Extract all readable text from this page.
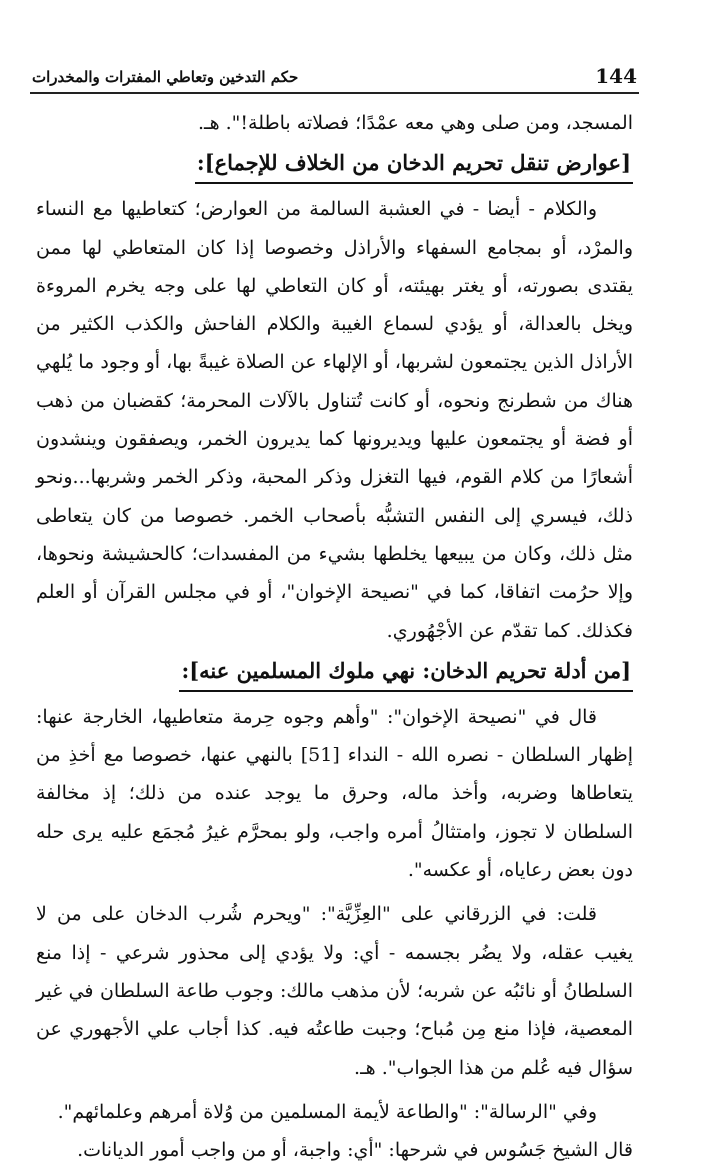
حكم التدخين وتعاطي المفترات والمخدرات	144

المسجد، ومن صلى وهي معه عمْدًا؛ فصلاته باطلة!". هـ.

[عوارض تنقل تحريم الدخان من الخلاف للإجماع]:

والكلام - أيضا - في العشبة السالمة من العوارض؛ كتعاطيها مع النساء والمرْد، أو بمجامع السفهاء والأراذل وخصوصا إذا كان المتعاطي لها ممن يقتدى بصورته، أو يغتر بهيئته، أو كان التعاطي لها على وجه يخرم المروءة ويخل بالعدالة، أو يؤدي لسماع الغيبة والكلام الفاحش والكذب الكثير من الأراذل الذين يجتمعون لشربها، أو الإلهاء عن الصلاة غيبةً بها، أو وجود ما يُلهي هناك من شطرنج ونحوه، أو كانت تُتناول بالآلات المحرمة؛ كقضبان من ذهب أو فضة أو يجتمعون عليها ويديرونها كما يديرون الخمر، ويصفقون وينشدون أشعارًا من كلام القوم، فيها التغزل وذكر المحبة، وذكر الخمر وشربها...ونحو ذلك، فيسري إلى النفس التشبُّه بأصحاب الخمر. خصوصا من كان يتعاطى مثل ذلك، وكان من يبيعها يخلطها بشيء من المفسدات؛ كالحشيشة ونحوها، وإلا حرُمت اتفاقا، كما في "نصيحة الإخوان"، أو في مجلس القرآن أو العلم فكذلك. كما تقدّم عن الأجْهُوري.

[من أدلة تحريم الدخان: نهي ملوك المسلمين عنه]:

قال في "نصيحة الإخوان": "وأهم وجوه حِرمة متعاطيها، الخارجة عنها: إظهار السلطان - نصره الله - النداء [51] بالنهي عنها، خصوصا مع أخذِ من يتعاطاها وضربه، وأخذ ماله، وحرق ما يوجد عنده من ذلك؛ إذ مخالفة السلطان لا تجوز، وامتثالُ أمره واجب، ولو بمحرَّم غيرُ مُجمَع عليه يرى حله دون بعض رعاياه، أو عكسه".

قلت: في الزرقاني على "العِزِّيَّة": "ويحرم شُرب الدخان على من لا يغيب عقله، ولا يضُر بجسمه - أي: ولا يؤدي إلى محذور شرعي - إذا منع السلطانُ أو نائبُه عن شربه؛ لأن مذهب مالك: وجوب طاعة السلطان في غير المعصية، فإذا منع مِن مُباح؛ وجبت طاعتُه فيه. كذا أجاب علي الأجهوري عن سؤال فيه عُلم من هذا الجواب". هـ.

وفي "الرسالة": "والطاعة لأيمة المسلمين من وُلاة أمرهم وعلمائهم".

قال الشيخ جَسُوس في شرحها: "أي: واجبة، أو من واجب أمور الديانات.
